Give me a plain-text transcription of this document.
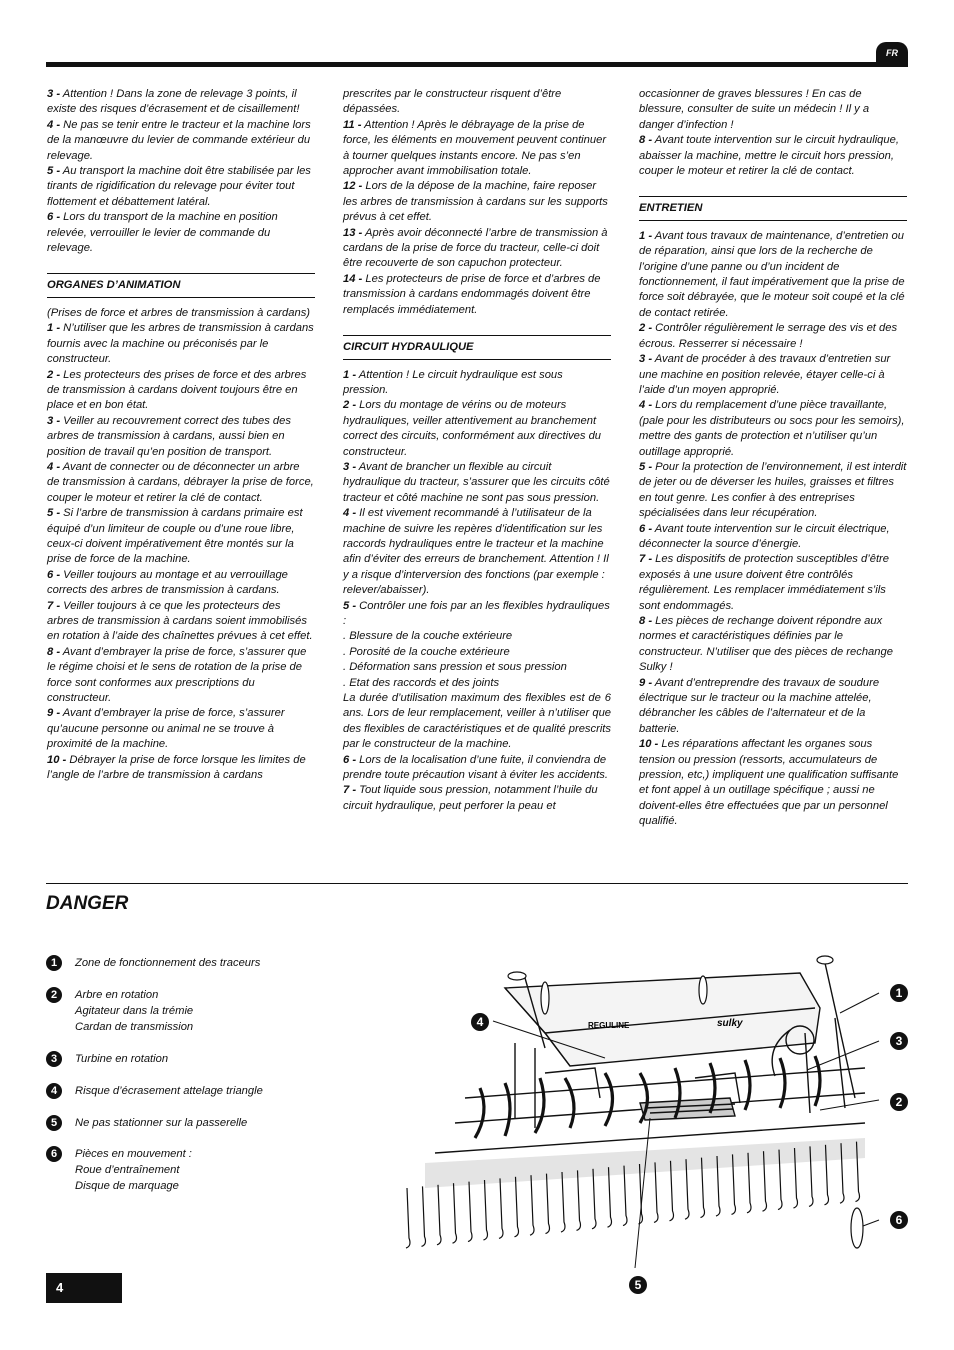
FR

3 - Attention ! Dans la zone de relevage 3 points, il existe des risques d’écrasement et de cisaillement!

4 - Ne pas se tenir entre le tracteur et la machine lors de la manœuvre du levier de commande extérieur du relevage.

5 - Au transport la machine doit être stabilisée par les tirants de rigidification du relevage pour éviter tout flottement et débattement latéral.

6 - Lors du transport de la machine en position relevée, verrouiller le levier de commande du relevage.

ORGANES D’ANIMATION

(Prises de force et arbres de transmission à cardans)

1 - N’utiliser que les arbres de transmission à cardans fournis avec la machine ou préconisés par le constructeur.

2 - Les protecteurs des prises de force et des arbres de transmission à cardans doivent toujours être en place et en bon état.

3 - Veiller au recouvrement correct des tubes des arbres de transmission à cardans, aussi bien en position de travail qu’en position de transport.

4 - Avant de connecter ou de déconnecter un arbre de transmission à cardans, débrayer la prise de force, couper le moteur et retirer la clé de contact.

5 - Si l’arbre de transmission à cardans primaire est équipé d’un limiteur de couple ou d’une roue libre, ceux-ci doivent impérativement être montés sur la prise de force de la machine.

6 - Veiller toujours au montage et au verrouillage corrects des arbres de transmission à cardans.

7 - Veiller toujours à ce que les protecteurs des arbres de transmission à cardans soient immobilisés en rotation à l’aide des chaînettes prévues à cet effet.

8 - Avant d’embrayer la prise de force, s’assurer que le régime choisi et le sens de rotation de la prise de force sont conformes aux prescriptions du constructeur.

9 - Avant d’embrayer la prise de force, s’assurer qu’aucune personne ou animal ne se trouve à proximité de la machine.

10 - Débrayer la prise de force lorsque les limites de l’angle de l’arbre de transmission à cardans

prescrites par le constructeur risquent d’être dépassées.

11 - Attention ! Après le débrayage de la prise de force, les éléments en mouvement peuvent continuer à tourner quelques instants encore. Ne pas s’en approcher avant immobilisation totale.

12 - Lors de la dépose de la machine, faire reposer les arbres de transmission à cardans sur les supports prévus à cet effet.

13 - Après avoir déconnecté l’arbre de transmission à cardans de la prise de force du tracteur, celle-ci doit être recouverte de son capuchon protecteur.

14 - Les protecteurs de prise de force et d’arbres de transmission à cardans endommagés doivent être remplacés immédiatement.

CIRCUIT HYDRAULIQUE

1 - Attention ! Le circuit hydraulique est sous pression.

2 - Lors du montage de vérins ou de moteurs hydrauliques, veiller attentivement au branchement correct des circuits, conformément aux directives du constructeur.

3 - Avant de brancher un flexible au circuit hydraulique du tracteur, s’assurer que les circuits côté tracteur et côté machine ne sont pas sous pression.

4 - Il est vivement recommandé à l’utilisateur de la machine de suivre les repères d’identification sur les raccords hydrauliques entre le tracteur et la machine afin d’éviter des erreurs de branchement. Attention ! Il y a risque d’interversion des fonctions (par exemple : relever/abaisser).

5 - Contrôler une fois par an les flexibles hydrauliques :

. Blessure de la couche extérieure

. Porosité de la couche extérieure

. Déformation sans pression et sous pression

. Etat des raccords et des joints

La durée d’utilisation maximum des flexibles est de 6 ans. Lors de leur remplacement, veiller à n’utiliser que des flexibles de caractéristiques et de qualité prescrits par le constructeur de la machine.

6 - Lors de la localisation d’une fuite, il conviendra de prendre toute précaution visant à éviter les accidents.

7 - Tout liquide sous pression, notamment l’huile du circuit hydraulique, peut perforer la peau et

occasionner de graves blessures ! En cas de blessure, consulter de suite un médecin ! Il y a danger d’infection !

8 - Avant toute intervention sur le circuit hydraulique, abaisser la machine, mettre le circuit hors pression, couper le moteur et retirer la clé de contact.

ENTRETIEN

1 - Avant tous travaux de maintenance, d’entretien ou de réparation, ainsi que lors de la recherche de l’origine d’une panne ou d’un incident de fonctionnement, il faut impérativement que la prise de force soit débrayée, que le moteur soit coupé et la clé de contact retirée.

2 - Contrôler régulièrement le serrage des vis et des écrous. Resserrer si nécessaire !

3 - Avant de procéder à des travaux d’entretien sur une machine en position relevée, étayer celle-ci à l’aide d’un moyen approprié.

4 - Lors du remplacement d’une pièce travaillante, (pale pour les distributeurs ou socs pour les semoirs), mettre des gants de protection et n’utiliser qu’un outillage approprié.

5 - Pour la protection de l’environnement, il est interdit de jeter ou de déverser les huiles, graisses et filtres en tout genre. Les confier à des entreprises spécialisées dans leur récupération.

6 - Avant toute intervention sur le circuit électrique, déconnecter la source d’énergie.

7 - Les dispositifs de protection susceptibles d’être exposés à une usure doivent être contrôlés régulièrement. Les remplacer immédiatement s’ils sont endommagés.

8 - Les pièces de rechange doivent répondre aux normes et caractéristiques définies par le constructeur. N’utiliser que des pièces de rechange Sulky !

9 - Avant d’entreprendre des travaux de soudure électrique sur le tracteur ou la machine attelée, débrancher les câbles de l’alternateur et de la batterie.

10 - Les réparations affectant les organes sous tension ou pression (ressorts, accumulateurs de pression, etc,) impliquent une qualification suffisante et font appel à un outillage spécifique ; aussi ne doivent-elles être effectuées que par un personnel qualifié.

DANGER
1	Zone de fonctionnement des traceurs
2	Arbre en rotation
Agitateur dans la trémie
Cardan de transmission
3	Turbine en rotation
4	Risque d’écrasement attelage triangle
5	Ne pas stationner sur la passerelle
6	Pièces en mouvement :
Roue d’entraînement
Disque de marquage
REGULINE	sulky
1
3
2
4
5
6
4
